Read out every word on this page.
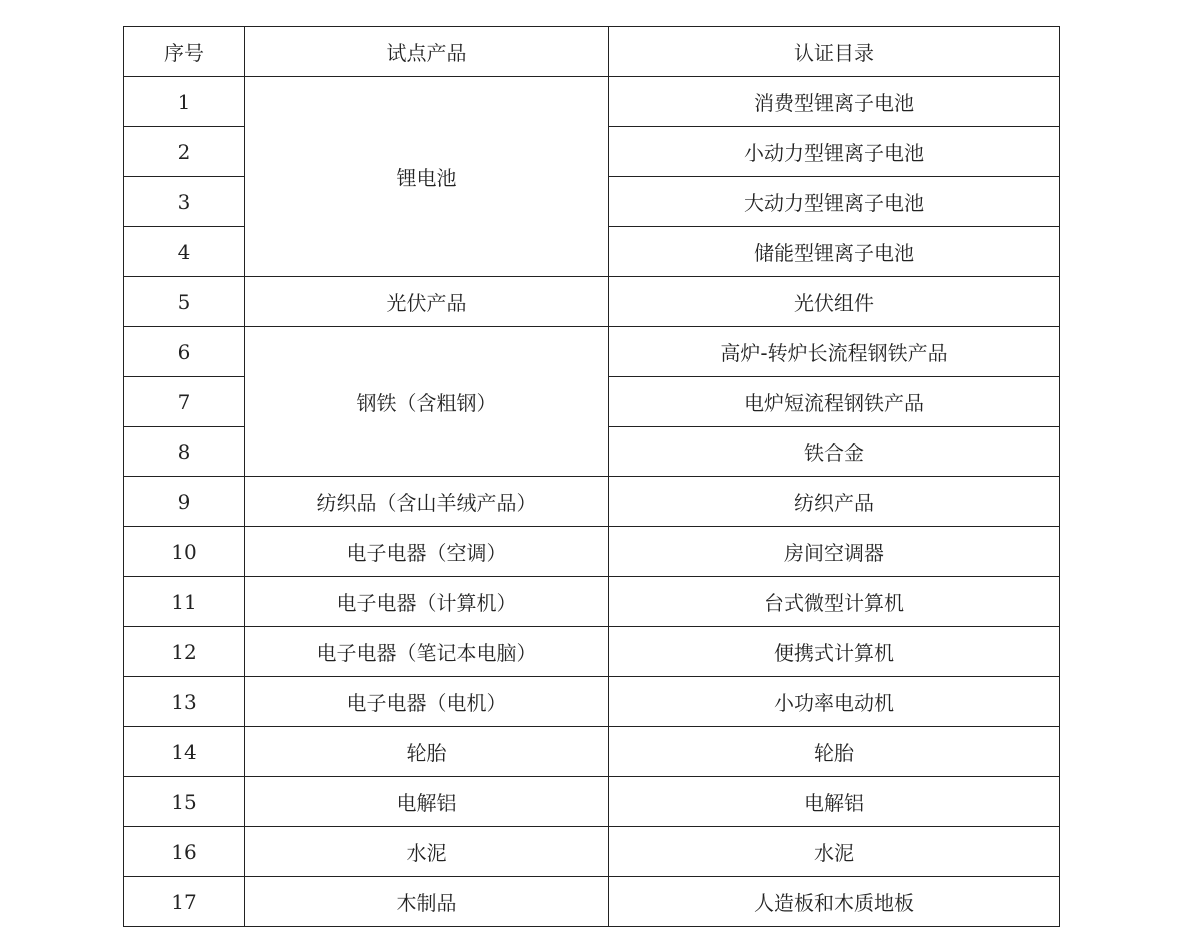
序号	试点产品	认证目录
1	锂电池	消费型锂离子电池
2		小动力型锂离子电池
3		大动力型锂离子电池
4		储能型锂离子电池
5	光伏产品	光伏组件
6	钢铁（含粗钢）	高炉-转炉长流程钢铁产品
7		电炉短流程钢铁产品
8		铁合金
9	纺织品（含山羊绒产品）	纺织产品
10	电子电器（空调）	房间空调器
11	电子电器（计算机）	台式微型计算机
12	电子电器（笔记本电脑）	便携式计算机
13	电子电器（电机）	小功率电动机
14	轮胎	轮胎
15	电解铝	电解铝
16	水泥	水泥
17	木制品	人造板和木质地板
